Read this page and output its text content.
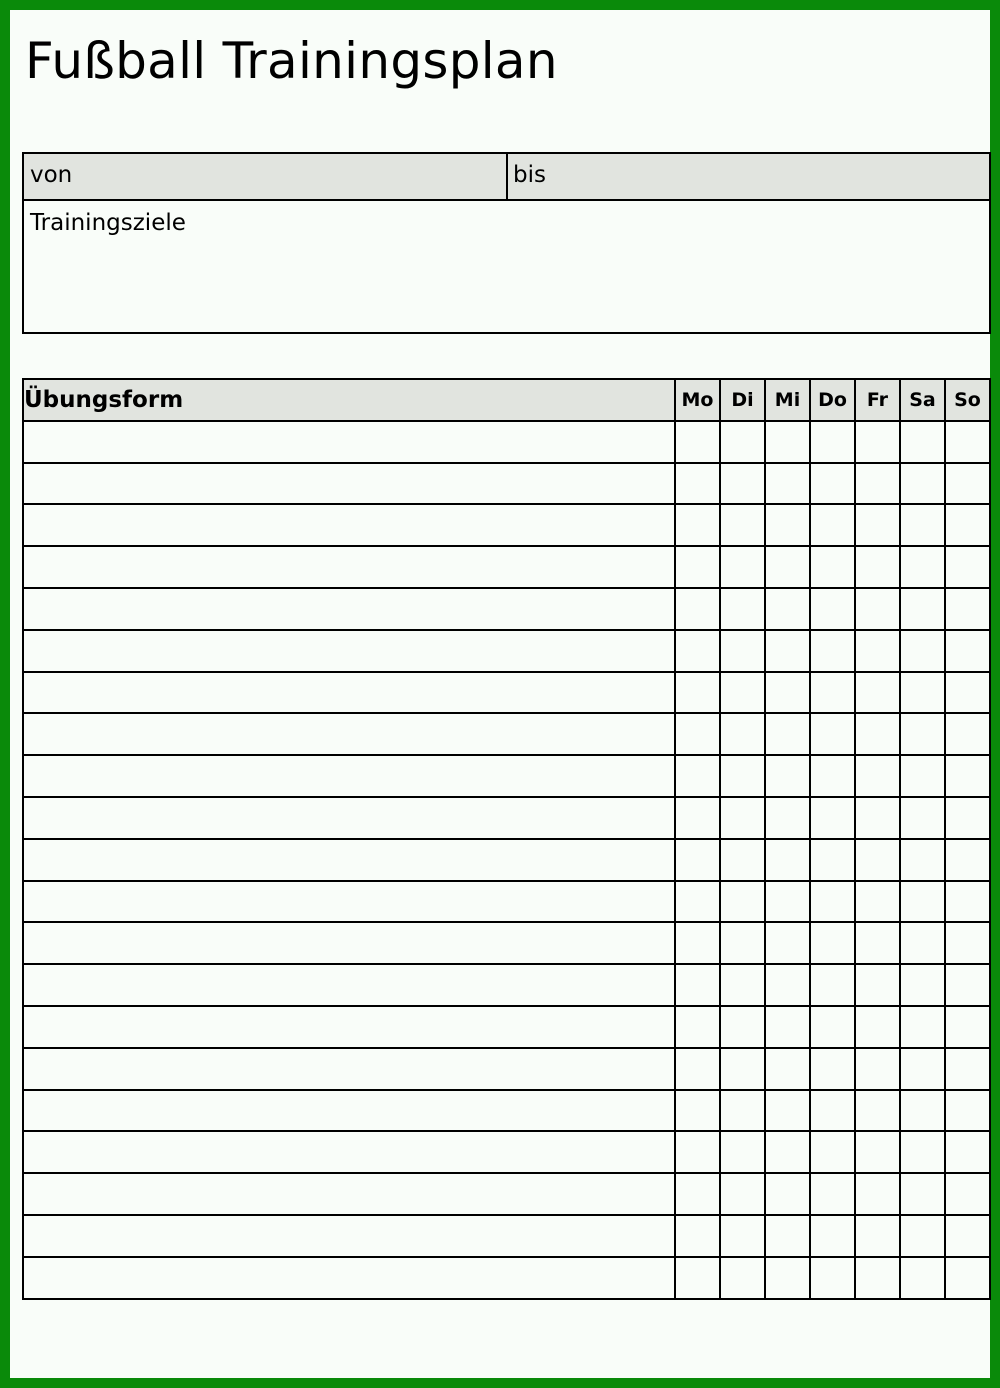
Fußball Trainingsplan
von	bis
Trainingsziele
Übungsform	Mo	Di	Mi	Do	Fr	Sa	So
